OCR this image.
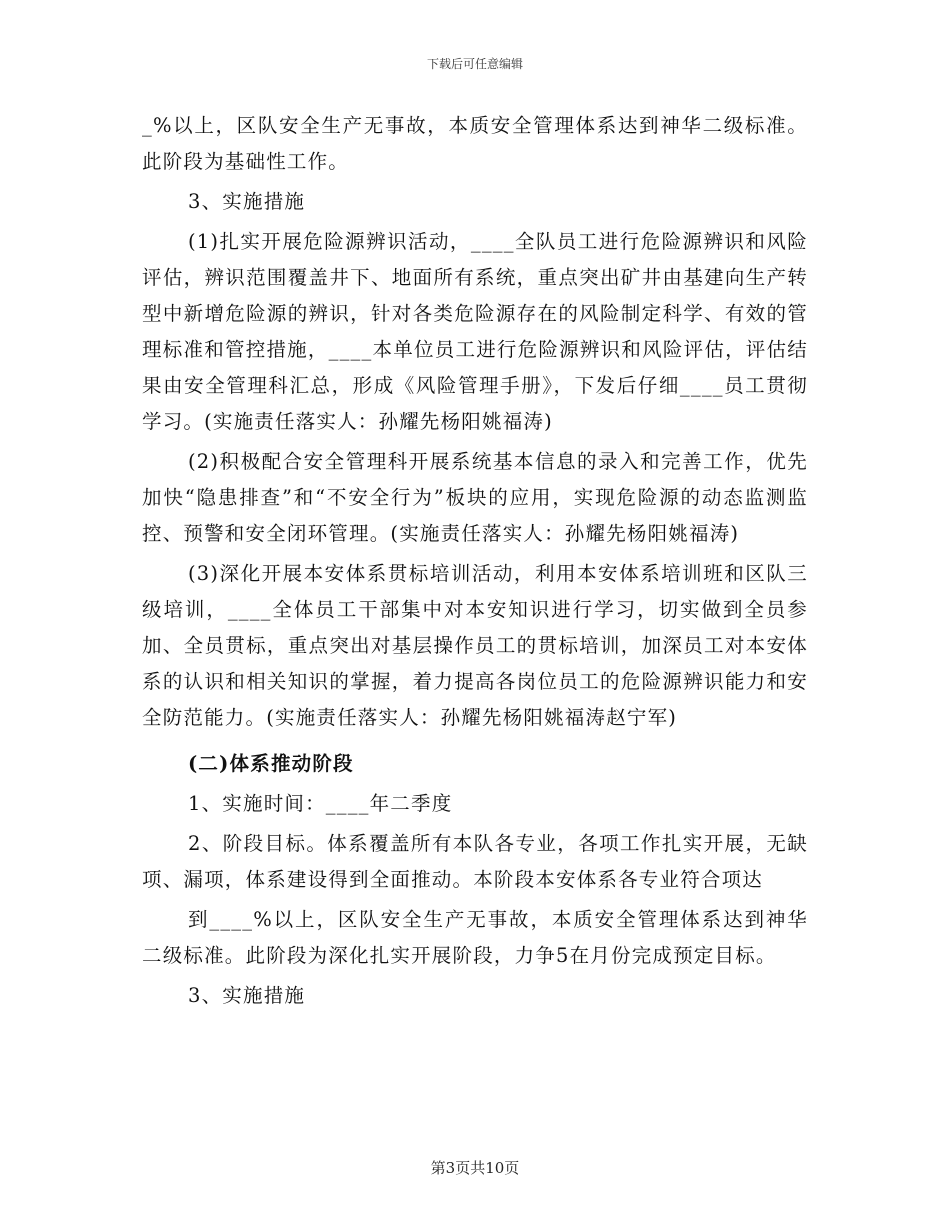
下载后可任意编辑

_%以上，区队安全生产无事故，本质安全管理体系达到神华二级标准。此阶段为基础性工作。

3、实施措施

(1)扎实开展危险源辨识活动，____全队员工进行危险源辨识和风险评估，辨识范围覆盖井下、地面所有系统，重点突出矿井由基建向生产转型中新增危险源的辨识，针对各类危险源存在的风险制定科学、有效的管理标准和管控措施，____本单位员工进行危险源辨识和风险评估，评估结果由安全管理科汇总，形成《风险管理手册》，下发后仔细____员工贯彻学习。(实施责任落实人：孙耀先杨阳姚福涛)

(2)积极配合安全管理科开展系统基本信息的录入和完善工作，优先加快“隐患排查”和“不安全行为”板块的应用，实现危险源的动态监测监控、预警和安全闭环管理。(实施责任落实人：孙耀先杨阳姚福涛)

(3)深化开展本安体系贯标培训活动，利用本安体系培训班和区队三级培训，____全体员工干部集中对本安知识进行学习，切实做到全员参加、全员贯标，重点突出对基层操作员工的贯标培训，加深员工对本安体系的认识和相关知识的掌握，着力提高各岗位员工的危险源辨识能力和安全防范能力。(实施责任落实人：孙耀先杨阳姚福涛赵宁军)

(二)体系推动阶段

1、实施时间：____年二季度

2、阶段目标。体系覆盖所有本队各专业，各项工作扎实开展，无缺项、漏项，体系建设得到全面推动。本阶段本安体系各专业符合项达

到____%以上，区队安全生产无事故，本质安全管理体系达到神华二级标准。此阶段为深化扎实开展阶段，力争5在月份完成预定目标。

3、实施措施

第3页共10页
